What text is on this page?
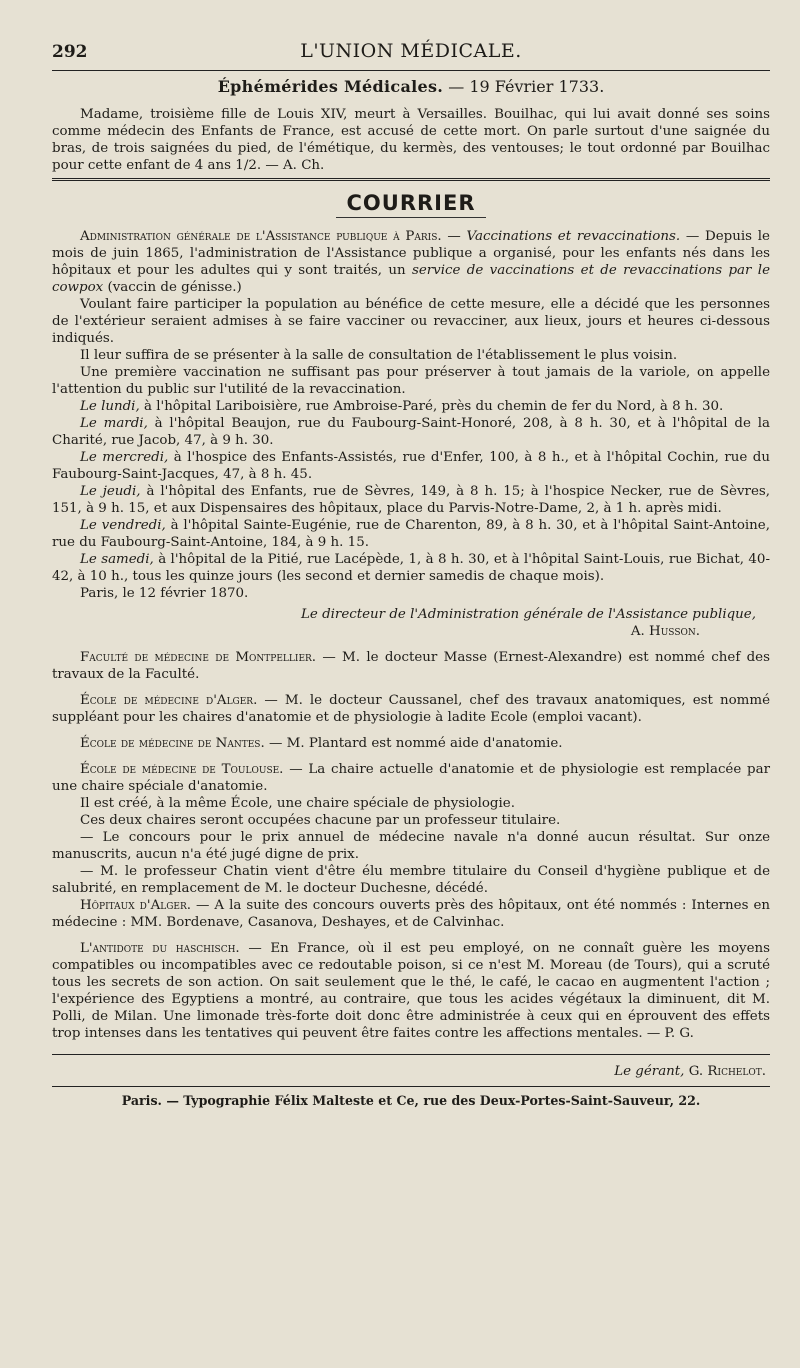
292	L'UNION MÉDICALE.
Éphémérides Médicales. — 19 Février 1733.

Madame, troisième fille de Louis XIV, meurt à Versailles. Bouilhac, qui lui avait donné ses soins comme médecin des Enfants de France, est accusé de cette mort. On parle surtout d'une saignée du bras, de trois saignées du pied, de l'émétique, du kermès, des ventouses; le tout ordonné par Bouilhac pour cette enfant de 4 ans 1/2. — A. Ch.

COURRIER

Administration générale de l'Assistance publique à Paris. — Vaccinations et revaccinations. — Depuis le mois de juin 1865, l'administration de l'Assistance publique a organisé, pour les enfants nés dans les hôpitaux et pour les adultes qui y sont traités, un service de vaccinations et de revaccinations par le cowpox (vaccin de génisse.)

Voulant faire participer la population au bénéfice de cette mesure, elle a décidé que les personnes de l'extérieur seraient admises à se faire vacciner ou revacciner, aux lieux, jours et heures ci-dessous indiqués.

Il leur suffira de se présenter à la salle de consultation de l'établissement le plus voisin.

Une première vaccination ne suffisant pas pour préserver à tout jamais de la variole, on appelle l'attention du public sur l'utilité de la revaccination.

Le lundi, à l'hôpital Lariboisière, rue Ambroise-Paré, près du chemin de fer du Nord, à 8 h. 30.

Le mardi, à l'hôpital Beaujon, rue du Faubourg-Saint-Honoré, 208, à 8 h. 30, et à l'hôpital de la Charité, rue Jacob, 47, à 9 h. 30.

Le mercredi, à l'hospice des Enfants-Assistés, rue d'Enfer, 100, à 8 h., et à l'hôpital Cochin, rue du Faubourg-Saint-Jacques, 47, à 8 h. 45.

Le jeudi, à l'hôpital des Enfants, rue de Sèvres, 149, à 8 h. 15; à l'hospice Necker, rue de Sèvres, 151, à 9 h. 15, et aux Dispensaires des hôpitaux, place du Parvis-Notre-Dame, 2, à 1 h. après midi.

Le vendredi, à l'hôpital Sainte-Eugénie, rue de Charenton, 89, à 8 h. 30, et à l'hôpital Saint-Antoine, rue du Faubourg-Saint-Antoine, 184, à 9 h. 15.

Le samedi, à l'hôpital de la Pitié, rue Lacépède, 1, à 8 h. 30, et à l'hôpital Saint-Louis, rue Bichat, 40-42, à 10 h., tous les quinze jours (les second et dernier samedis de chaque mois).

Paris, le 12 février 1870.

Le directeur de l'Administration générale de l'Assistance publique,
A. Husson.

Faculté de médecine de Montpellier. — M. le docteur Masse (Ernest-Alexandre) est nommé chef des travaux de la Faculté.

École de médecine d'Alger. — M. le docteur Caussanel, chef des travaux anatomiques, est nommé suppléant pour les chaires d'anatomie et de physiologie à ladite Ecole (emploi vacant).

École de médecine de Nantes. — M. Plantard est nommé aide d'anatomie.

École de médecine de Toulouse. — La chaire actuelle d'anatomie et de physiologie est remplacée par une chaire spéciale d'anatomie.

Il est créé, à la même École, une chaire spéciale de physiologie.

Ces deux chaires seront occupées chacune par un professeur titulaire.

— Le concours pour le prix annuel de médecine navale n'a donné aucun résultat. Sur onze manuscrits, aucun n'a été jugé digne de prix.

— M. le professeur Chatin vient d'être élu membre titulaire du Conseil d'hygiène publique et de salubrité, en remplacement de M. le docteur Duchesne, décédé.

Hôpitaux d'Alger. — A la suite des concours ouverts près des hôpitaux, ont été nommés : Internes en médecine : MM. Bordenave, Casanova, Deshayes, et de Calvinhac.

L'antidote du haschisch. — En France, où il est peu employé, on ne connaît guère les moyens compatibles ou incompatibles avec ce redoutable poison, si ce n'est M. Moreau (de Tours), qui a scruté tous les secrets de son action. On sait seulement que le thé, le café, le cacao en augmentent l'action ; l'expérience des Egyptiens a montré, au contraire, que tous les acides végétaux la diminuent, dit M. Polli, de Milan. Une limonade très-forte doit donc être administrée à ceux qui en éprouvent des effets trop intenses dans les tentatives qui peuvent être faites contre les affections mentales. — P. G.

Le gérant, G. Richelot.
Paris. — Typographie Félix Malteste et Ce, rue des Deux-Portes-Saint-Sauveur, 22.
